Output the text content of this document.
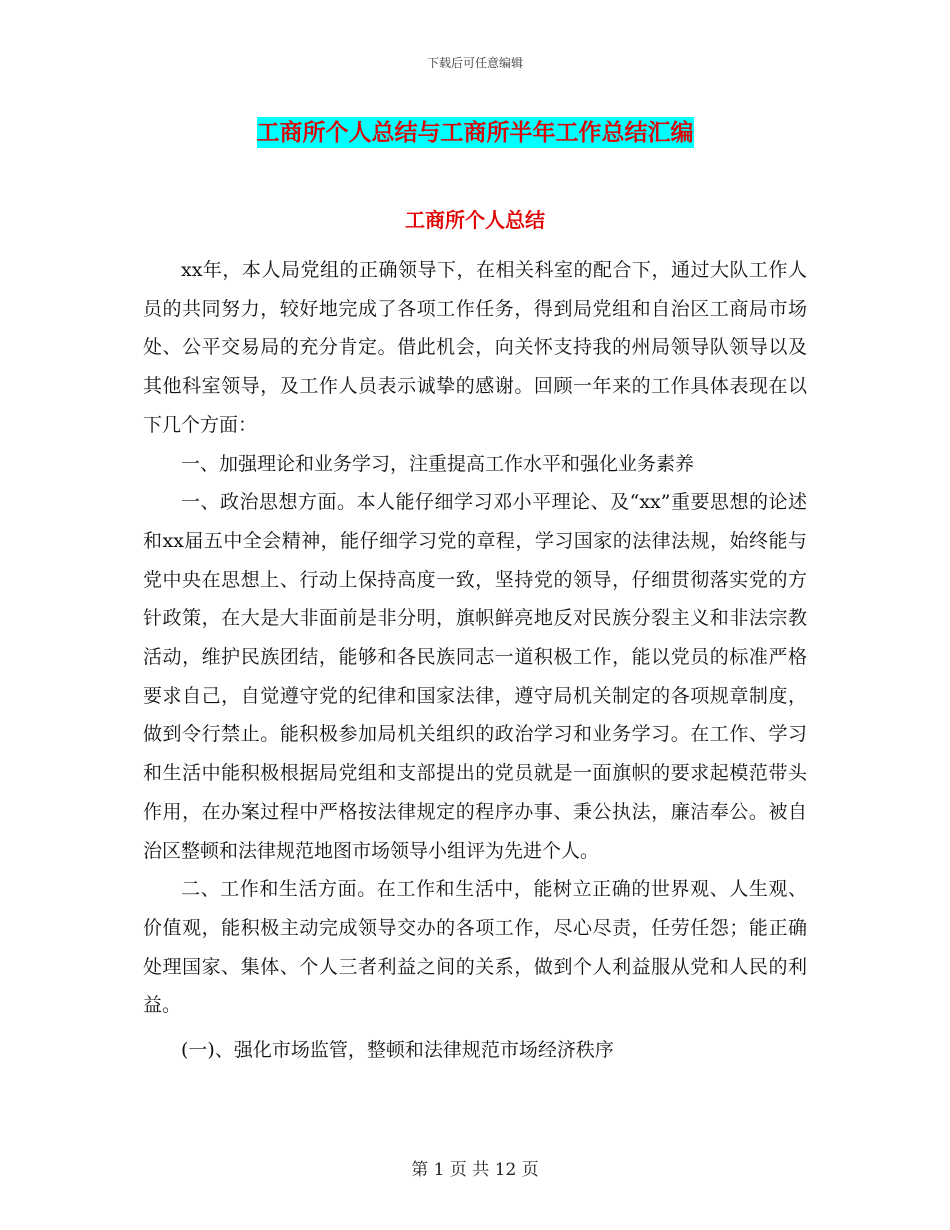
下载后可任意编辑
工商所个人总结与工商所半年工作总结汇编
工商所个人总结

xx年，本人局党组的正确领导下，在相关科室的配合下，通过大队工作人员的共同努力，较好地完成了各项工作任务，得到局党组和自治区工商局市场处、公平交易局的充分肯定。借此机会，向关怀支持我的州局领导队领导以及其他科室领导，及工作人员表示诚挚的感谢。回顾一年来的工作具体表现在以下几个方面：

一、加强理论和业务学习，注重提高工作水平和强化业务素养

一、政治思想方面。本人能仔细学习邓小平理论、及“xx”重要思想的论述和xx届五中全会精神，能仔细学习党的章程，学习国家的法律法规，始终能与党中央在思想上、行动上保持高度一致，坚持党的领导，仔细贯彻落实党的方针政策，在大是大非面前是非分明，旗帜鲜亮地反对民族分裂主义和非法宗教活动，维护民族团结，能够和各民族同志一道积极工作，能以党员的标准严格要求自己，自觉遵守党的纪律和国家法律，遵守局机关制定的各项规章制度，做到令行禁止。能积极参加局机关组织的政治学习和业务学习。在工作、学习和生活中能积极根据局党组和支部提出的党员就是一面旗帜的要求起模范带头作用，在办案过程中严格按法律规定的程序办事、秉公执法，廉洁奉公。被自治区整顿和法律规范地图市场领导小组评为先进个人。

二、工作和生活方面。在工作和生活中，能树立正确的世界观、人生观、价值观，能积极主动完成领导交办的各项工作，尽心尽责，任劳任怨；能正确处理国家、集体、个人三者利益之间的关系，做到个人利益服从党和人民的利益。

(一)、强化市场监管，整顿和法律规范市场经济秩序

第 1 页 共 12 页
